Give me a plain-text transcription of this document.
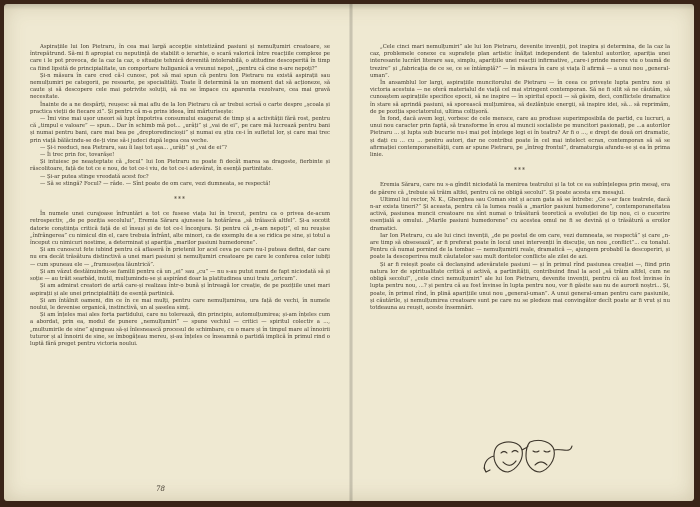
Aspirațiile lui Ion Pietraru, în cea mai largă accepție sintetizând pasiuni și nemulțumiri creatoare, se întrepătrund. Să-mi fi apropiat cu neputință de stabilit o ierarhie, o scară valorică între reacțiile complexe pe care i le pot provoca, de la caz la caz, o situație tehnică devenită intolerabilă, o atitudine descoperită în timp ca fiind lipsită de principialitate, un comportare huliganică a vreunui nepot, „pentru că cine n-are nepoți?”

Și-n măsura în care cred că-l cunosc, pot să mai spun că pentru Ion Pietraru nu există aspirații sau nemulțumiri pe categorii, pe resoarte, pe specialități. Toate îl determină la un moment dat să acționeze, să caute și să descopere cele mai potrivite soluții, să nu se împace cu aparenta rezolvare, cea mai gravă necesitate.

Înainte de a ne despărți, reușesc să mai aflu de la Ion Pietraru că ar trebui scrisă o carte despre „școala și practica vieții de fiecare zi”. Și pentru că m-a prins ideea, îmi mărturisește:

— Îmi vine mai ușor uneori să lupt împotriva consumului exagerat de timp și a activității fără rost, pentru că „timpul e valoare” — spun... Dar în schimb mă pot... „urâți” și „vai de ei”, pe care mă lucrează pentru bani și numai pentru bani, care mai bea pe „dreptoredincioșii” și numai eu știu ce-i în sufletul lor, și care mai trec prin viață bălăcindu-se de-ți vine să-i judeci după legea cea veche.

— Și-i reeduci, nea Pietraru, sau îi lași tot așa... „urâți” și „vai de ei”?

— Îi trec prin foc, tovarășe!

Și intuiesc pe neașteptate că „focul” lui Ion Pietraru nu poate fi decât marea sa dragoste, fierbinte și răscolitoare, față de tot ce e nou, de tot ce-i viu, de tot ce-i adevărat, în esență partinitate.

— Și-ar putea stinge vreodată acest foc?

— Să se stingă? Focul? — râde. — Sînt poate de om care, vezi dumneata, se respectă!

***

În numele unei curajoase înfruntări a tot ce fusese viața lui în trecut, pentru ca o privea de-acum retrospectiv, „de pe poziția secolului”, Eremia Săraru ajunsese la hotărârea „să trăiască altfel”. Și-a socotit datorie conștiința critică față de el însuși și de tot ce-l înconjura. Și pentru că „n-am nepoți”, el nu reușise „înfrângerea” cu nimicul din el, care trebuia înfrânt, alte minori, ca de exemplu de a se ridica pe sine, și totul a început cu nimicuri nostime, a determinat și apariția „marilor pasiuni humedorene”.

Și am cunoscut fete iubind pentru că aflaseră în prietenii lor acel ceva pe care nu-l puteau defini, dar care nu era decât trăsătura distinctivă a unei mari pasiuni și nemulțumiri creatoare pe care le conferea celor iubiți — cum spuneau ele — „frumusețea lăuntrică”.

Și am văzut destăinuindu-se familii pentru că un „ei” sau „cu” — nu s-au putut numi de fapt niciodată să și soție — au trăit searbăd, inutil, mulțumindu-se și aspirând doar la platitudinea unui traiu „oricum”.

Și am admirat creatori de artă care-și realizau într-o bună și întreagă lor creație, de pe pozițiile unei mari aspirații și ale unei principialități de esență partinică.

Și am întâlnit oameni, din ce în ce mai mulți, pentru care nemulțumirea, ura față de vechi, în numele noului, le devenise organică, instinctivă, un al șaselea simț.

Și am înțeles mai ales forta partidului, care nu tolerează, din principiu, automulțumirea; și-am înțeles cum a abordat, prin ea, modul de punere „nemulțumiri” — spune vechiul — critici — spiritul colectiv a ..., „multumirile de sine” ajungeau să-și înlesnească procesul de schimbare, cu o mare și în timpul mare al înnoirii tuturor și al înnoirii de sine, se îmbogățeau mereu, și-au înțeles ce înseamnă o partidă implică în primul rind o luptă fără preget pentru victoria noului.

78

„Cele cinci mari nemulțumiri” ale lui Ion Pietraru, devenite invenții, pot inspira și determina, de la caz la caz, problemele conexe cu suprafețe plan artistic înălțat independent de talentul autorilor, apariția unei interesante lucrări literare sau, simplu, aparițiile unei reacții infirmative, „care-i prinde mereu viu o teamă de trezire” și „fabricația de ce se, ce se întâmplă?” — în măsura în care și viața îl afirmă — a unui nou „general-uman”.

În ansamblul lor largi, aspirațiile muncitorului de Pietraru — în ceea ce privește lupta pentru nou și victoria acestuia — ne oferă materialul de viață cel mai stringent contemporan. Să ne fi silit să ne căutăm, să cunoaștem aspirațiile specifice epocii, să ne inspire — în spiritul epocii — să găsim, deci, conflictele dramatice în stare să aprindă pasiuni, să sporească mulțumirea, să dezlănțuie energii, să inspire idei, să... să reprimăm, de pe poziția spectatorului, ultima colțișoră.

În fond, dacă avem legi, vorbesc de cele mensce, care au produse superimposibila de partid, cu lucruri, a unui nou caracter prin faptă, să transforme în erou al muncii socialiste pe muncitori pasionați, pe ...a autorilor Pietraru ... și lupta sub bucurie nu-i mai pot înțelege legi ei în teatru? Ar fi o ..., e drept de două ori dramatic, și dați cu ... cu ... pentru autori, dar ne contribui poate în cel mai intelect ecran, contemporan să să se afirmației contemporaneității, cum ar spune Pietraru, pe „întreg frontul”, dramaturgia afundu-se și ea în prima linie.

***

Eremia Săraru, care nu s-a gîndit niciodată la menirea teatrului și la tot ce ea subînțelegea prin mesaj, era de părere că „trebuie să trăim altfel, pentru că ne obligă secolul”. Și poate acesta era mesajul.

Ultimul lui rector, N. K., Gherghea sau Coman sint și acum gata să se întrebe: „Ce s-ar face teatrele, dacă n-ar exista tineri?” Și aceasta, pentru că la lumea reală a „marilor pasiuni humedorene”, contemporaneitatea activă, pasiunea muncii creatoare nu sînt numai o trăsătură teoretică a evoluției de tip nou, ci o cucerire esențială a omului. „Marile pasiuni humedorene” cu acestea omul ne fi se devină și o trăsătură a eroilor dramatici.

Iar Ion Pietraru, cu ale lui cinci invenții, „de pe postul de om care, vezi dumneata, se respectă” și care „n-are timp să obsesează”, ar fi preferat poate în locul unei intervenții în discuție, un nou „conflict”... cu tonalul. Pentru că numai pornind de la tombac — nemulțumirii reale, dramatică —, ajungem probabil la descoperiri, și poate la descoperirea mult căutatelor sau mult doritelor conflicte ale zilei de azi.

Și ar fi reieșit poate că declanșind adevăratele pasiuni — și în primul rînd pasiunea creației —, fiind prin natura lor de spiritualitate critică și activă, a partinității, contribuind final la acel „să trăim altfel, cum ne obligă secolul”, „cele cinci nemulțumiri” ale lui Ion Pietraru, devenite invenții, pentru că au fost învinse în lupta pentru nou, ...? și pentru că au fost învinse în lupta pentru nou, vor fi găsite sau nu de aurorii noștri... Și, poate, în primul rînd, în plină aparițiile unui nou „general-uman”. A unui general-uman pentru care pasiunile, și căutările, și nemulțumirea creatoare sunt pe care nu se pledeze mai convingător decît poate ar fi vrut și nu totdeauna au reușit, aceste însemnări.
